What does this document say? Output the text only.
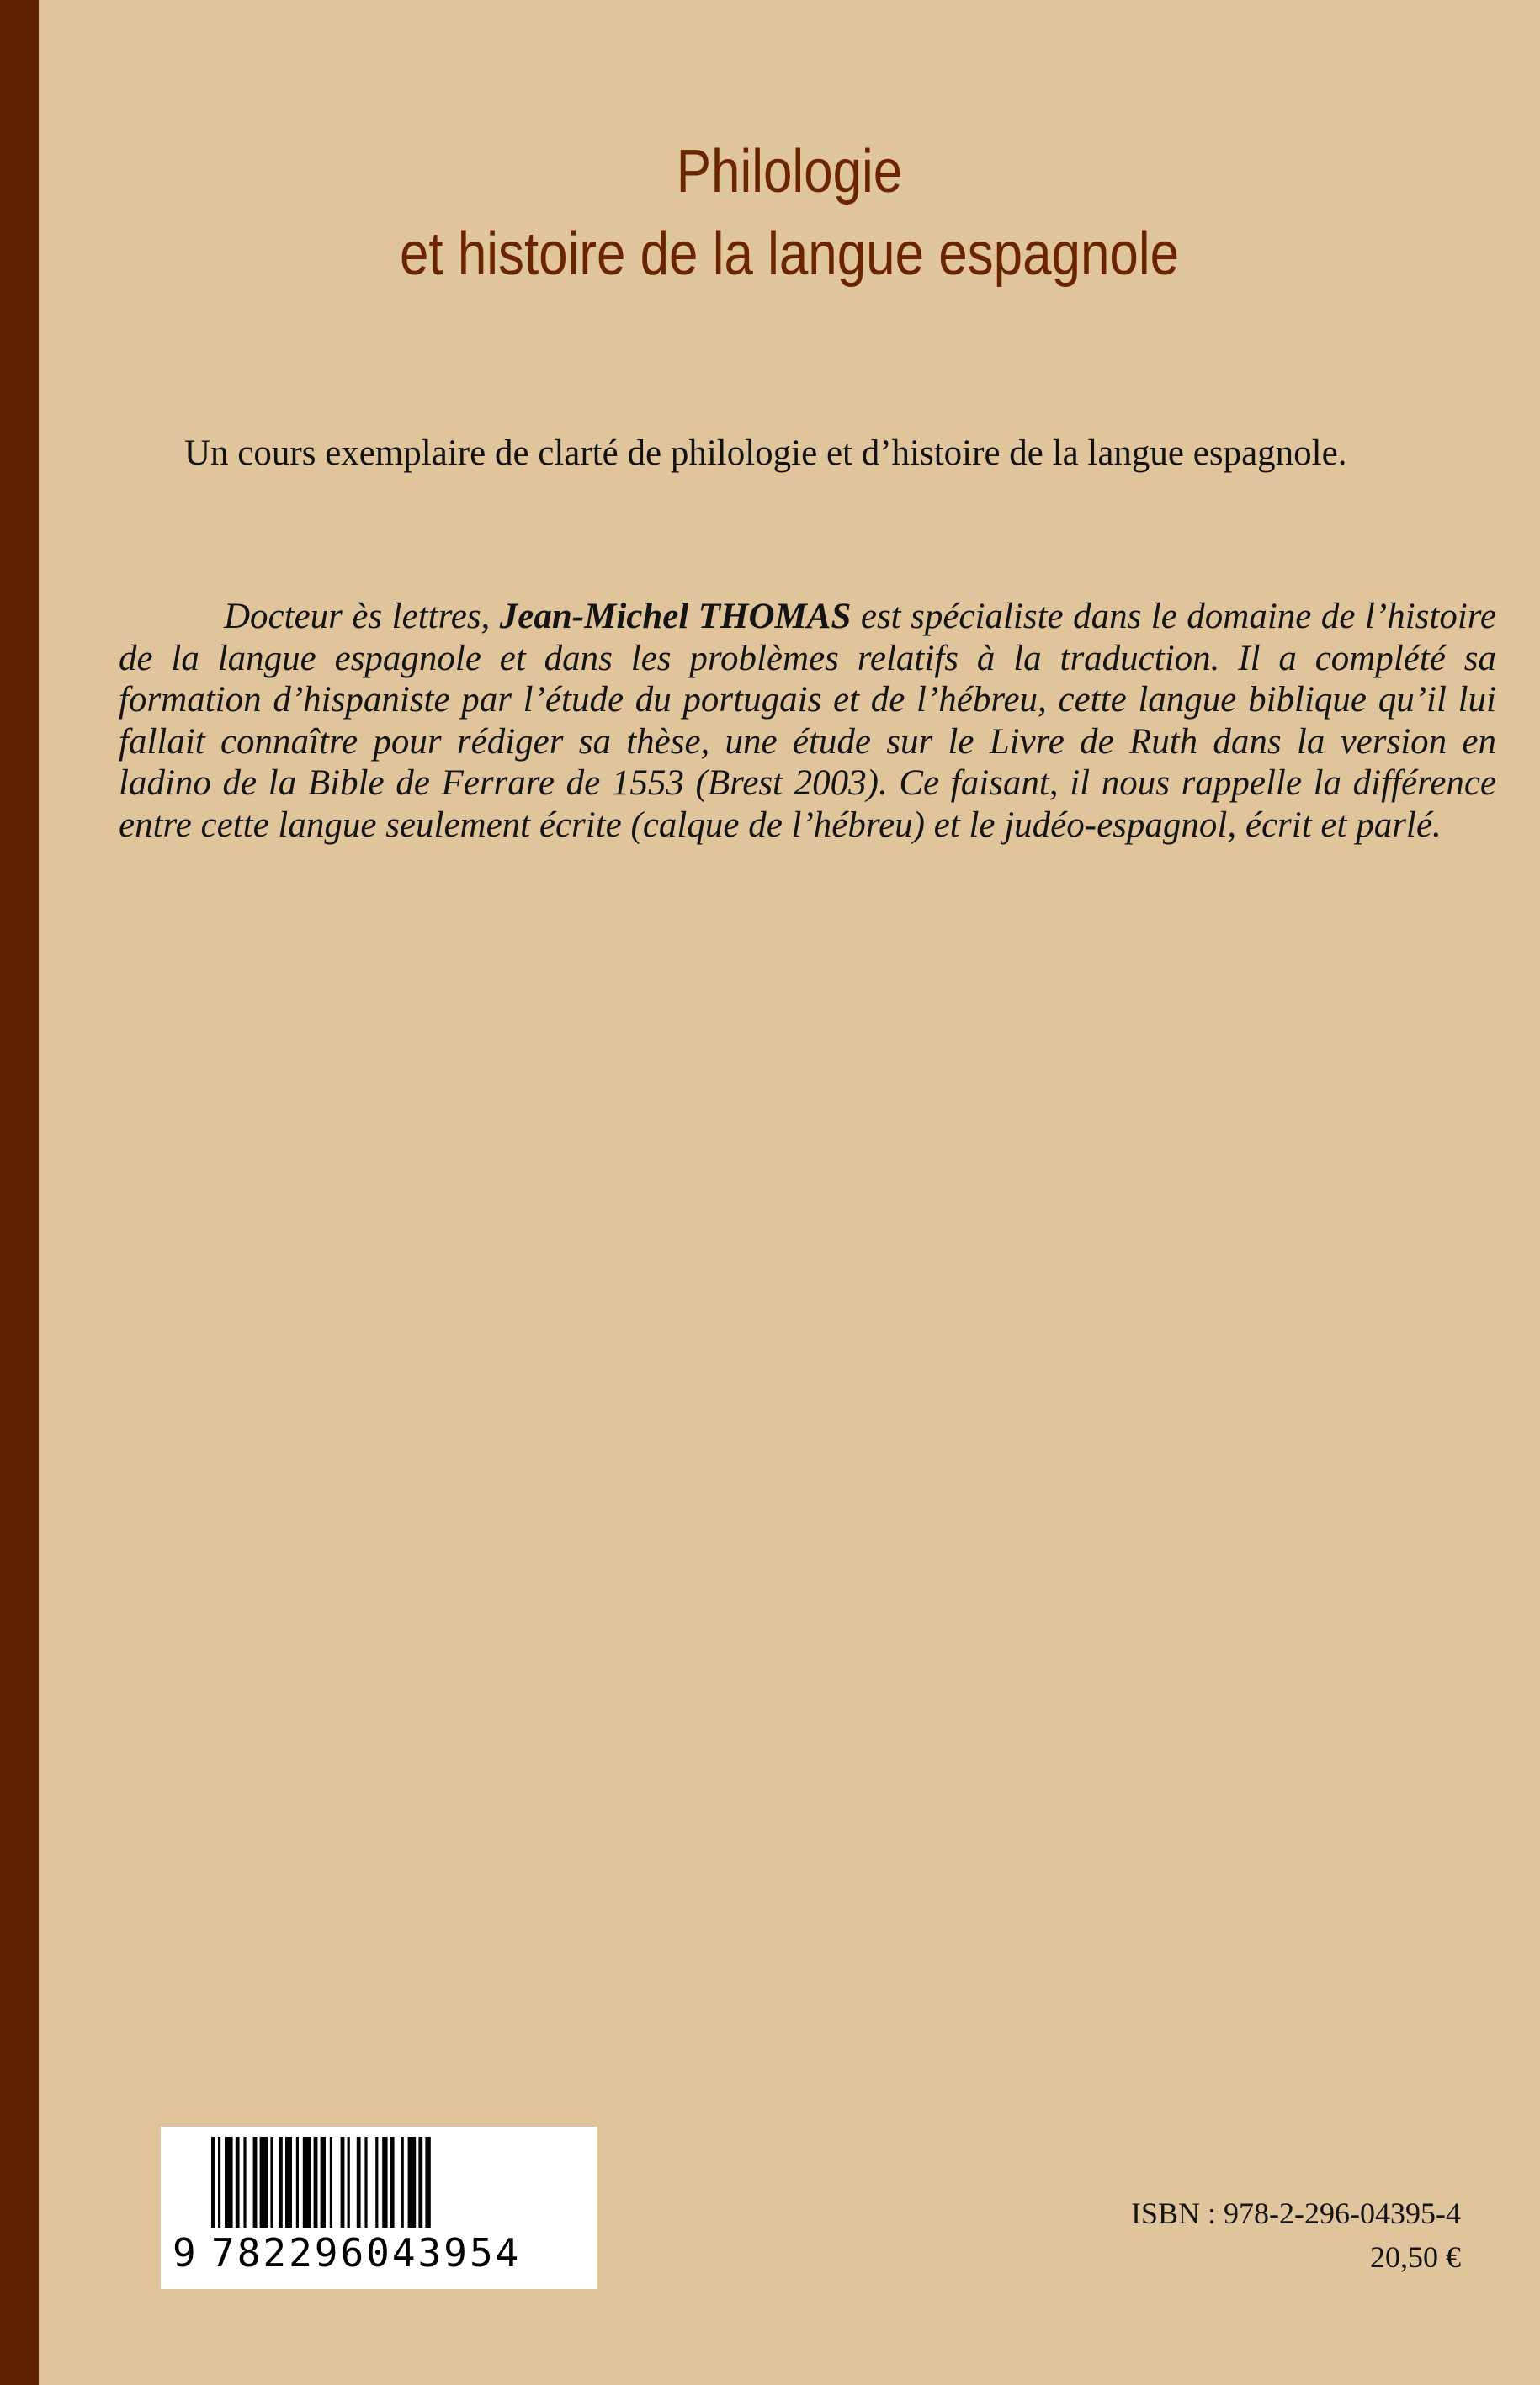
Philologie
et histoire de la langue espagnole
Un cours exemplaire de clarté de philologie et d’histoire de la langue espagnole.
Docteur ès lettres, Jean-Michel THOMAS est spécialiste dans le domaine de l’histoire de la langue espagnole et dans les problèmes relatifs à la traduction. Il a complété sa formation d’hispaniste par l’étude du portugais et de l’hébreu, cette langue biblique qu’il lui fallait connaître pour rédiger sa thèse, une étude sur le Livre de Ruth dans la version en ladino de la Bible de Ferrare de 1553 (Brest 2003). Ce faisant, il nous rappelle la différence entre cette langue seulement écrite (calque de l’hébreu) et le judéo-espagnol, écrit et parlé.
9 782296043954
ISBN : 978-2-296-04395-4
20,50 €
